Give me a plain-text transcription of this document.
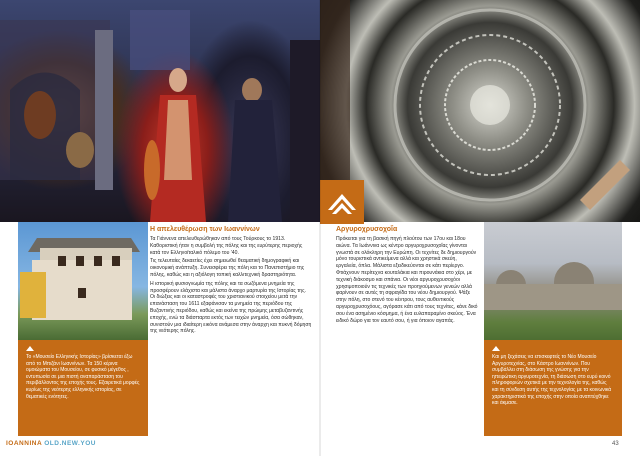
Η απελευθέρωση των Ιωαννίνων

Τα Γιάννενα απελευθερώθηκαν από τους Τούρκους το 1913. Καθοριστική ήταν η συμβολή της πόλης και της ευρύτερης περιοχής κατά τον Ελληνοϊταλικό πόλεμο του '40.

Τις τελευταίες δεκαετίες έχει σημειωθεί θεαματική δημογραφική και οικονομική ανάπτυξη. Συνεισφέρει της πόλη και το Πανεπιστήμιο της πόλης, καθώς και η αξιόλογη τοπική καλλιτεχνική δραστηριότητα.

Η ιστορική φυσιογνωμία της πόλης και τα σωζόμενα μνημεία της προσφέρουν ελάχιστα και μάλιστα άναρχο μαρτυρία της Ιστορίας της. Οι διώξεις και οι καταστροφές του χριστιανικού στοιχείου μετά την επανάσταση του 1611 εξαφάνισαν τα μνημεία της περιόδου της Βυζαντινής περιόδου, καθώς και εκείνα της πρώιμης μεταβυζαντινής εποχής, ενώ τα διάσπαρτα εκτός των τειχών μνημεία, όσα σώθηκαν, συνιστούν μια ιδιαίτερη εικόνα ανάμεσα στην άναρχη και πυκνή δόμηση της νεότερης πόλης.

Το «Μουσείο Ελληνικής Ιστορίας» βρίσκεται έξω από το Μπιζάνι Ιωαννίνων. Τα 150 κέρινα ομοιώματα του Μουσείου, σε φυσικό μέγεθος , εντυπωσία σε μια πιστή αναπαράσταση του περιβάλλοντος της εποχής τους. Εξαιρετικά μορφές κυρίως της νεότερης ελληνικής ιστορίας, σε θεματικές ενότητες.
IOANNINA OLD.NEW.YOU
Αργυροχρυσοχοΐα
Πρόκειται για τη βασική πηγή πλούτου των 17ου και 18ου αιώνα. Τα Ιωάννινα ως κέντρο αργυροχρυσοχοΐας γίνονται γνωστά σε ολόκληρη την Ευρώπη. Οι τεχνίτες δε δημιουργούν μόνο τουριστικά αντικείμενα αλλά και χρηστικά σκεύη, εργαλεία, όπλα. Μάλιστα εξειδικεύονται σε κάτι περίεργο. Φτιάχνουν περίτεχνα κουταλάκια και πιρουνάκια στο χέρι, με τεχνική διάκοσμο και σπάνια. Οι νέοι αργυροχρυσοχόοι χρησιμοποιούν τις τεχνικές των προηγούμενων γενεών αλλά φαρίνουν σε αυτές τη σφραγίδα του νέου δημιουργού. Ψάξε στην πόλη, στο στενό του κέντρου, τους αυθεντικούς αργυροχρυσοχόους, αγόρασε κάτι από τους τεχνίτες, κάνε δικό σου ένα ασημένιο κόσμημα, ή ένα ευλαπαραμίνο σκεύος. Ένα ειδικό δώρο για τον εαυτό σου, ή για όποιον αγαπάς.
Και μη ξεχάσεις να επισκεφτείς το Νέο Μουσείο Αργυροτεχνίας, στο Κάστρο Ιωαννίνων. Που συμβάλλει στη διάσωση της γνώσης για την ηπειρώτικη αργυροτεχνία, τη διάσωση στο ευρύ κοινό πληροφοριών σχετικά με την τεχνολογία της, καθώς και τη σύνδεση αυτής της τεχνολογίας με τα κοινωνικά χαρακτηριστικά της εποχής στην οποία αναπτύχθηκε και άκμασε.
43
